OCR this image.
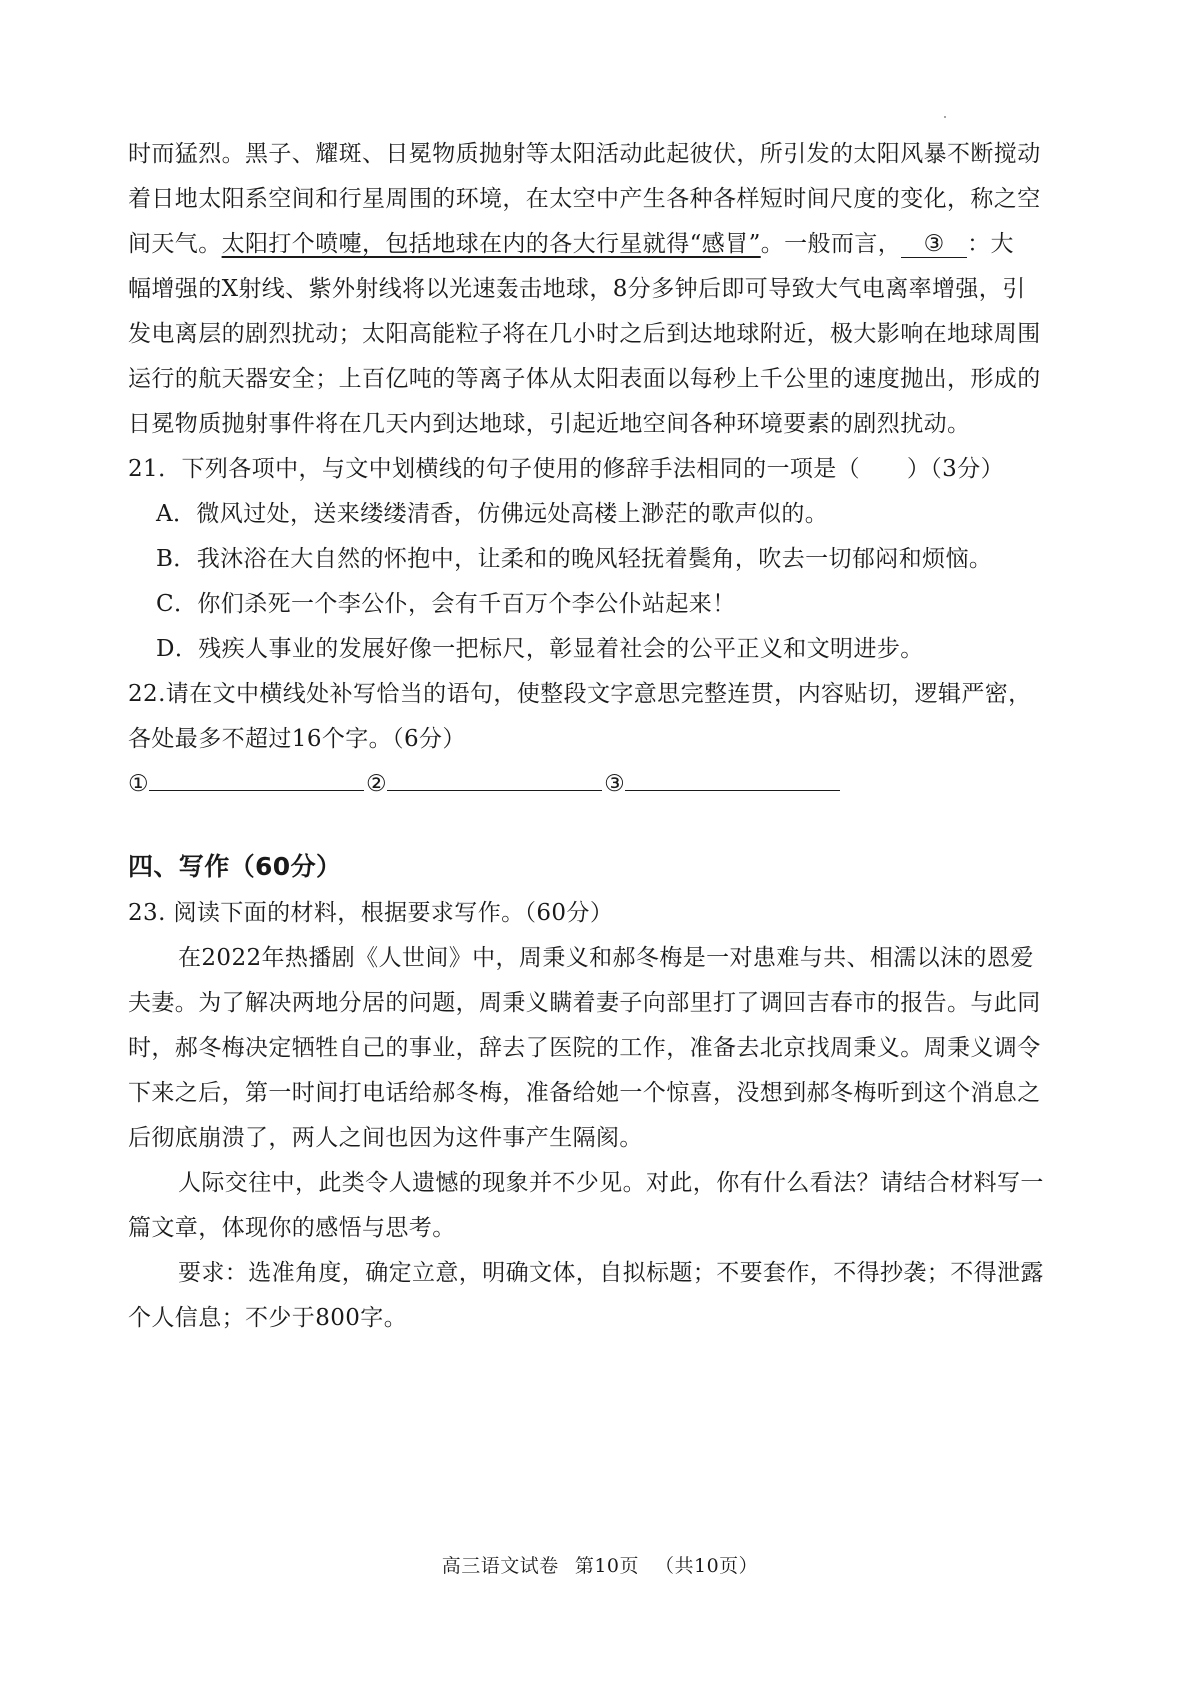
时而猛烈。黑子、耀斑、日冕物质抛射等太阳活动此起彼伏，所引发的太阳风暴不断搅动

着日地太阳系空间和行星周围的环境，在太空中产生各种各样短时间尺度的变化，称之空

间天气。太阳打个喷嚏，包括地球在内的各大行星就得“感冒”。一般而言， ③ ：大

幅增强的X射线、紫外射线将以光速轰击地球，8分多钟后即可导致大气电离率增强，引

发电离层的剧烈扰动；太阳高能粒子将在几小时之后到达地球附近，极大影响在地球周围

运行的航天器安全；上百亿吨的等离子体从太阳表面以每秒上千公里的速度抛出，形成的

日冕物质抛射事件将在几天内到达地球，引起近地空间各种环境要素的剧烈扰动。

21．下列各项中，与文中划横线的句子使用的修辞手法相同的一项是（　　）（3分）

A．微风过处，送来缕缕清香，仿佛远处高楼上渺茫的歌声似的。

B．我沐浴在大自然的怀抱中，让柔和的晚风轻抚着鬓角，吹去一切郁闷和烦恼。

C．你们杀死一个李公仆，会有千百万个李公仆站起来！

D．残疾人事业的发展好像一把标尺，彰显着社会的公平正义和文明进步。

22.请在文中横线处补写恰当的语句，使整段文字意思完整连贯，内容贴切，逻辑严密，

各处最多不超过16个字。（6分）

①	②	③

四、写作（60分）

23. 阅读下面的材料，根据要求写作。（60分）

在2022年热播剧《人世间》中，周秉义和郝冬梅是一对患难与共、相濡以沫的恩爱

夫妻。为了解决两地分居的问题，周秉义瞒着妻子向部里打了调回吉春市的报告。与此同

时，郝冬梅决定牺牲自己的事业，辞去了医院的工作，准备去北京找周秉义。周秉义调令

下来之后，第一时间打电话给郝冬梅，准备给她一个惊喜，没想到郝冬梅听到这个消息之

后彻底崩溃了，两人之间也因为这件事产生隔阂。

人际交往中，此类令人遗憾的现象并不少见。对此，你有什么看法？请结合材料写一

篇文章，体现你的感悟与思考。

要求：选准角度，确定立意，明确文体，自拟标题；不要套作，不得抄袭；不得泄露

个人信息；不少于800字。

高三语文试卷 第10页 （共10页）
